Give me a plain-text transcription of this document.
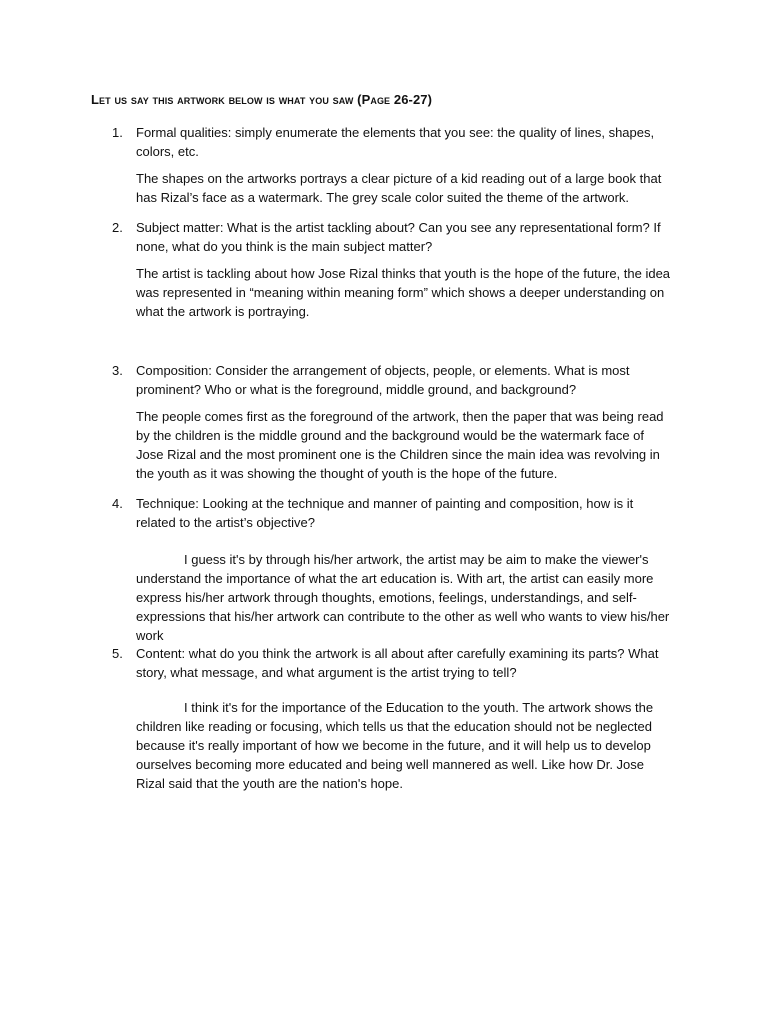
Let us say this artwork below is what you saw (Page 26-27)
1.	Formal qualities: simply enumerate the elements that you see: the quality of lines, shapes, colors, etc.
The shapes on the artworks portrays a clear picture of a kid reading out of a large book that has Rizal’s face as a watermark. The grey scale color suited the theme of the artwork.
2.	Subject matter: What is the artist tackling about? Can you see any representational form? If none, what do you think is the main subject matter?
The artist is tackling about how Jose Rizal thinks that youth is the hope of the future, the idea was represented in “meaning within meaning form” which shows a deeper understanding on what the artwork is portraying.
3.	Composition: Consider the arrangement of objects, people, or elements. What is most prominent? Who or what is the foreground, middle ground, and background?
The people comes first as the foreground of the artwork, then the paper that was being read by the children is the middle ground and the background would be the watermark face of Jose Rizal and the most prominent one is the Children since the main idea was revolving in the youth as it was showing the thought of youth is the hope of the future.
4.	Technique: Looking at the technique and manner of painting and composition, how is it related to the artist’s objective?
I guess it's by through his/her artwork, the artist may be aim to make the viewer's understand the importance of what the art education is. With art, the artist can easily more express his/her artwork through thoughts, emotions, feelings, understandings, and self-expressions that his/her artwork can contribute to the other as well who wants to view his/her work
5.	Content: what do you think the artwork is all about after carefully examining its parts? What story, what message, and what argument is the artist trying to tell?
I think it's for the importance of the Education to the youth. The artwork shows the children like reading or focusing, which tells us that the education should not be neglected because it's really important of how we become in the future, and it will help us to develop ourselves becoming more educated and being well mannered as well. Like how Dr. Jose Rizal said that the youth are the nation's hope.
